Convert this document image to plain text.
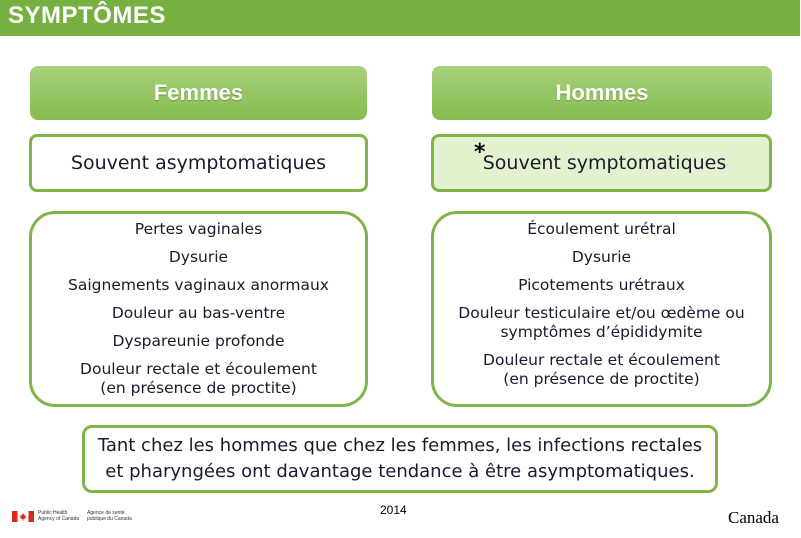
SYMPTÔMES
Femmes	Hommes
Souvent asymptomatiques	Souvent symptomatiques
*
Pertes vaginales
Dysurie
Saignements vaginaux anormaux
Douleur au bas-ventre
Dyspareunie profonde
Douleur rectale et écoulement
(en présence de proctite)
Écoulement urétral
Dysurie
Picotements urétraux
Douleur testiculaire et/ou œdème ou
symptômes d’épididymite
Douleur rectale et écoulement
(en présence de proctite)
Tant chez les hommes que chez les femmes, les infections rectales
et pharyngées ont davantage tendance à être asymptomatiques.
2014
Public Health Agency of Canada
Agence de santé publique du Canada	Canada
